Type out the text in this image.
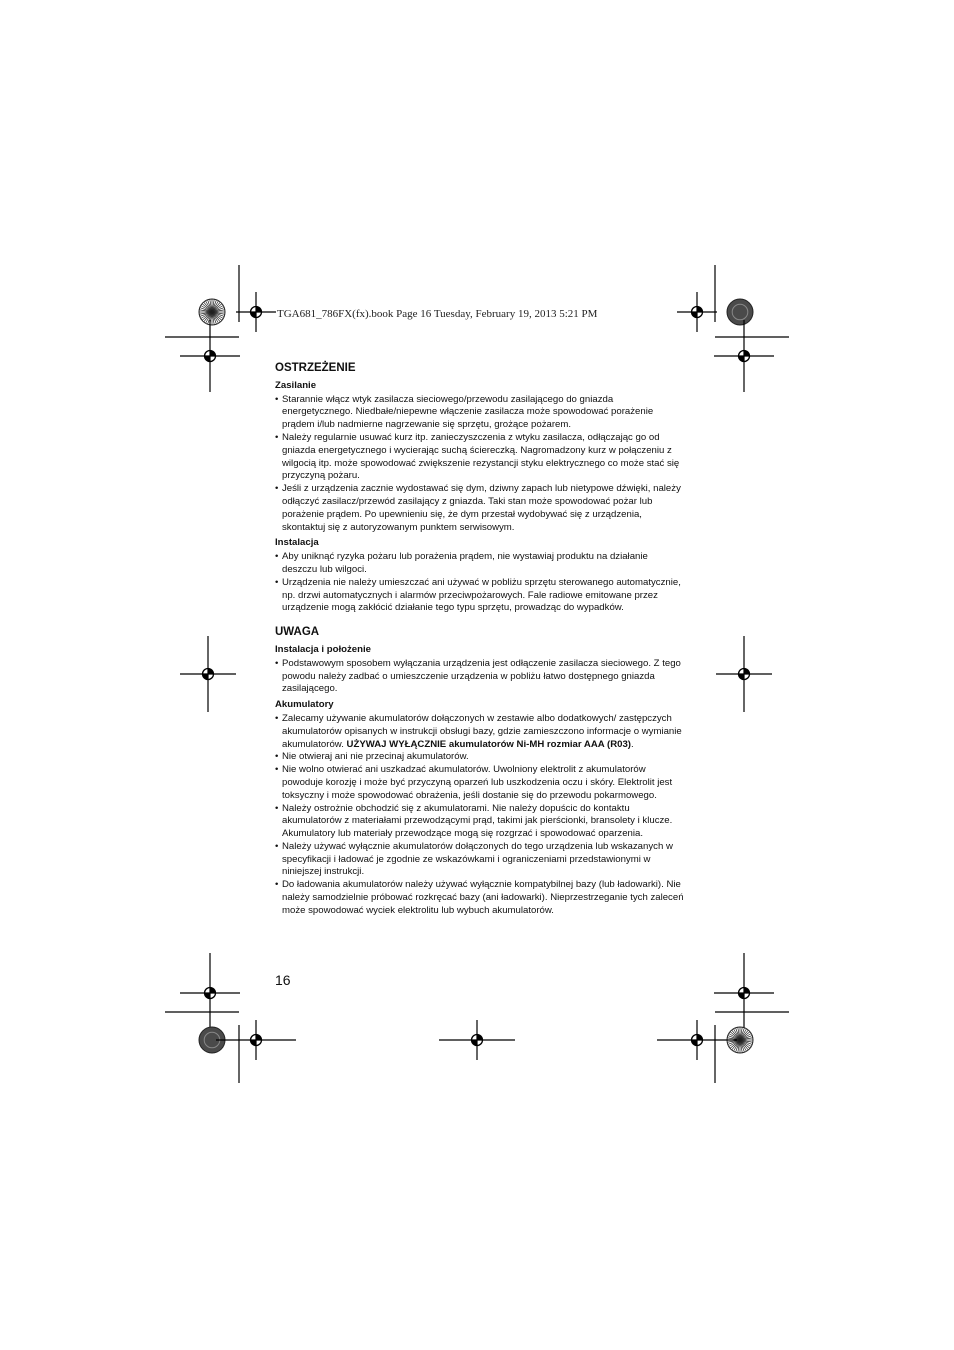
TGA681_786FX(fx).book Page 16 Tuesday, February 19, 2013 5:21 PM
OSTRZEŻENIE
Zasilanie
• Starannie włącz wtyk zasilacza sieciowego/przewodu zasilającego do gniazda energetycznego. Niedbałe/niepewne włączenie zasilacza może spowodować porażenie prądem i/lub nadmierne nagrzewanie się sprzętu, grożące pożarem.
• Należy regularnie usuwać kurz itp. zanieczyszczenia z wtyku zasilacza, odłączając go od gniazda energetycznego i wycierając suchą ściereczką. Nagromadzony kurz w połączeniu z wilgocią itp. może spowodować zwiększenie rezystancji styku elektrycznego co może stać się przyczyną pożaru.
• Jeśli z urządzenia zacznie wydostawać się dym, dziwny zapach lub nietypowe dźwięki, należy odłączyć zasilacz/przewód zasilający z gniazda. Taki stan może spowodować pożar lub porażenie prądem. Po upewnieniu się, że dym przestał wydobywać się z urządzenia, skontaktuj się z autoryzowanym punktem serwisowym.
Instalacja
• Aby uniknąć ryzyka pożaru lub porażenia prądem, nie wystawiaj produktu na działanie deszczu lub wilgoci.
• Urządzenia nie należy umieszczać ani używać w pobliżu sprzętu sterowanego automatycznie, np. drzwi automatycznych i alarmów przeciwpożarowych. Fale radiowe emitowane przez urządzenie mogą zakłócić działanie tego typu sprzętu, prowadząc do wypadków.
UWAGA
Instalacja i położenie
• Podstawowym sposobem wyłączania urządzenia jest odłączenie zasilacza sieciowego. Z tego powodu należy zadbać o umieszczenie urządzenia w pobliżu łatwo dostępnego gniazda zasilającego.
Akumulatory
• Zalecamy używanie akumulatorów dołączonych w zestawie albo dodatkowych/ zastępczych akumulatorów opisanych w instrukcji obsługi bazy, gdzie zamieszczono informacje o wymianie akumulatorów. UŻYWAJ WYŁĄCZNIE akumulatorów Ni-MH rozmiar AAA (R03).
• Nie otwieraj ani nie przecinaj akumulatorów.
• Nie wolno otwierać ani uszkadzać akumulatorów. Uwolniony elektrolit z akumulatorów powoduje korozję i może być przyczyną oparzeń lub uszkodzenia oczu i skóry. Elektrolit jest toksyczny i może spowodować obrażenia, jeśli dostanie się do przewodu pokarmowego.
• Należy ostrożnie obchodzić się z akumulatorami. Nie należy dopuścic do kontaktu akumulatorów z materiałami przewodzącymi prąd, takimi jak pierścionki, bransolety i klucze. Akumulatory lub materiały przewodzące mogą się rozgrzać i spowodować oparzenia.
• Należy używać wyłącznie akumulatorów dołączonych do tego urządzenia lub wskazanych w specyfikacji i ładować je zgodnie ze wskazówkami i ograniczeniami przedstawionymi w niniejszej instrukcji.
• Do ładowania akumulatorów należy używać wyłącznie kompatybilnej bazy (lub ładowarki). Nie należy samodzielnie próbować rozkręcać bazy (ani ładowarki). Nieprzestrzeganie tych zaleceń może spowodować wyciek elektrolitu lub wybuch akumulatorów.
16
